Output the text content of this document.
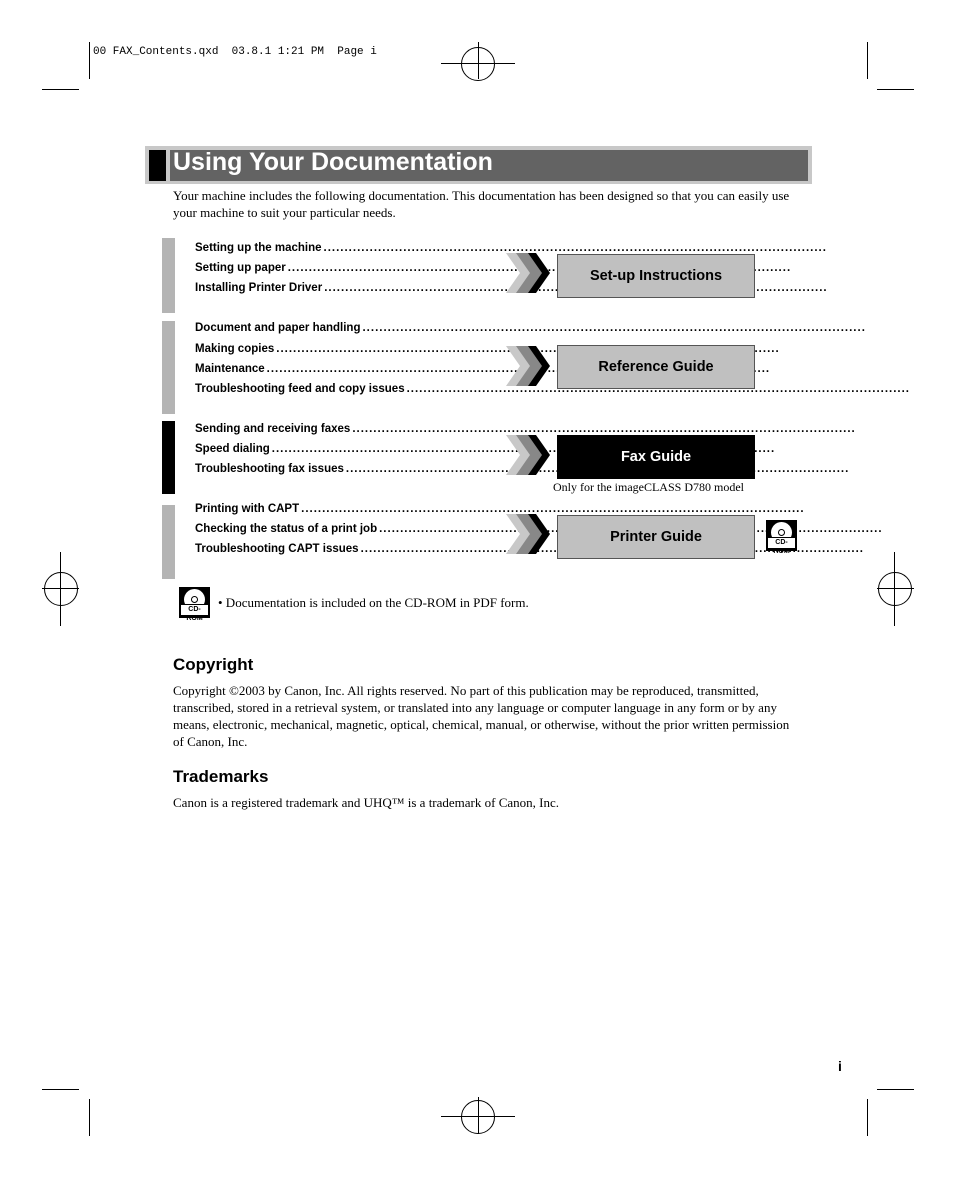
00 FAX_Contents.qxd  03.8.1 1:21 PM  Page i
Using Your Documentation
Your machine includes the following documentation. This documentation has been designed so that you can easily use your machine to suit your particular needs.
Setting up the machine
.....
Setting up paper
.....
Installing Printer Driver
.....
Set-up Instructions
Document and paper handling
.....
Making copies
.....
Maintenance
.....
Troubleshooting feed and copy issues
.....
Reference Guide
Sending and receiving faxes
.....
Speed dialing
.....
Troubleshooting fax issues
.....
Fax Guide
Only for the imageCLASS D780 model
Printing with CAPT
.....
Checking the status of a print job
.....
Troubleshooting CAPT issues
.....
Printer Guide	CD-ROM
CD-ROM
• Documentation is included on the CD-ROM in PDF form.
Copyright
Copyright ©2003 by Canon, Inc. All rights reserved. No part of this publication may be reproduced, transmitted, transcribed, stored in a retrieval system, or translated into any language or computer language in any form or by any means, electronic, mechanical, magnetic, optical, chemical, manual, or otherwise, without the prior written permission of Canon, Inc.
Trademarks
Canon is a registered trademark and UHQ™ is a trademark of Canon, Inc.
i
